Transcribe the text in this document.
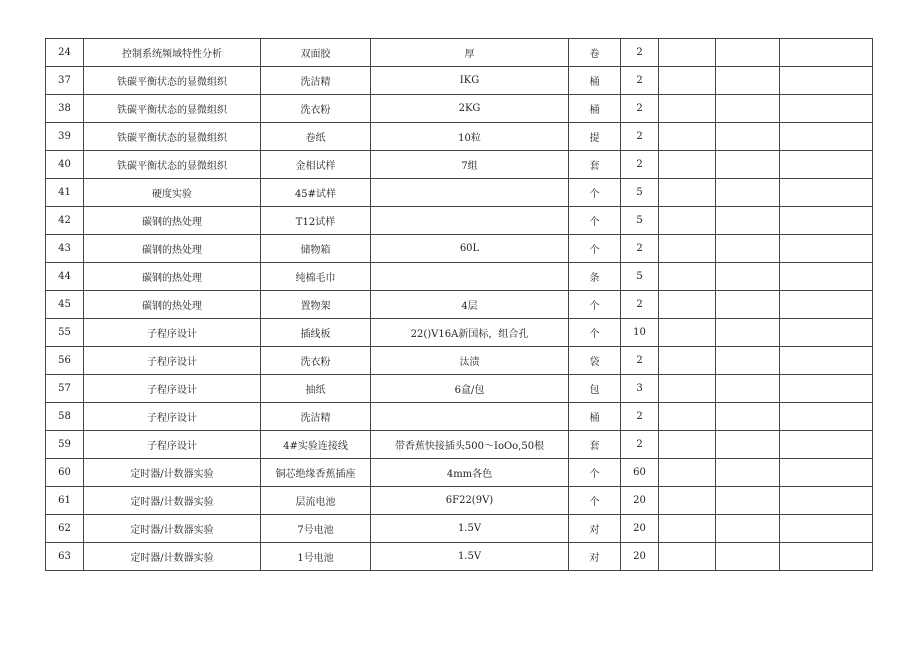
24	控制系统频域特性分析	双面胶	厚	卷	2			
37	铁碳平衡状态的显微组织	洗洁精	IKG	桶	2			
38	铁碳平衡状态的显微组织	洗衣粉	2KG	桶	2			
39	铁碳平衡状态的显微组织	卷纸	10粒	提	2			
40	铁碳平衡状态的显微组织	金相试样	7组	套	2			
41	硬度实验	45#试样		个	5			
42	碳钢的热处理	T12试样		个	5			
43	碳钢的热处理	储物箱	60L	个	2			
44	碳钢的热处理	纯棉毛巾		条	5			
45	碳钢的热处理	置物架	4层	个	2			
55	子程序设计	插线板	22()V16A新国标，组合孔	个	10			
56	子程序设计	洗衣粉	汰渍	袋	2			
57	子程序设计	抽纸	6盒/包	包	3			
58	子程序设计	洗洁精		桶	2			
59	子程序设计	4#实验连接线	带香蕉快接插头500～IoOo,50根	套	2			
60	定时器/计数器实验	铜芯绝缘香蕉插座	4mm各色	个	60			
61	定时器/计数器实验	层流电池	6F22(9V)	个	20			
62	定时器/计数器实验	7号电池	1.5V	对	20			
63	定时器/计数器实验	1号电池	1.5V	对	20			
